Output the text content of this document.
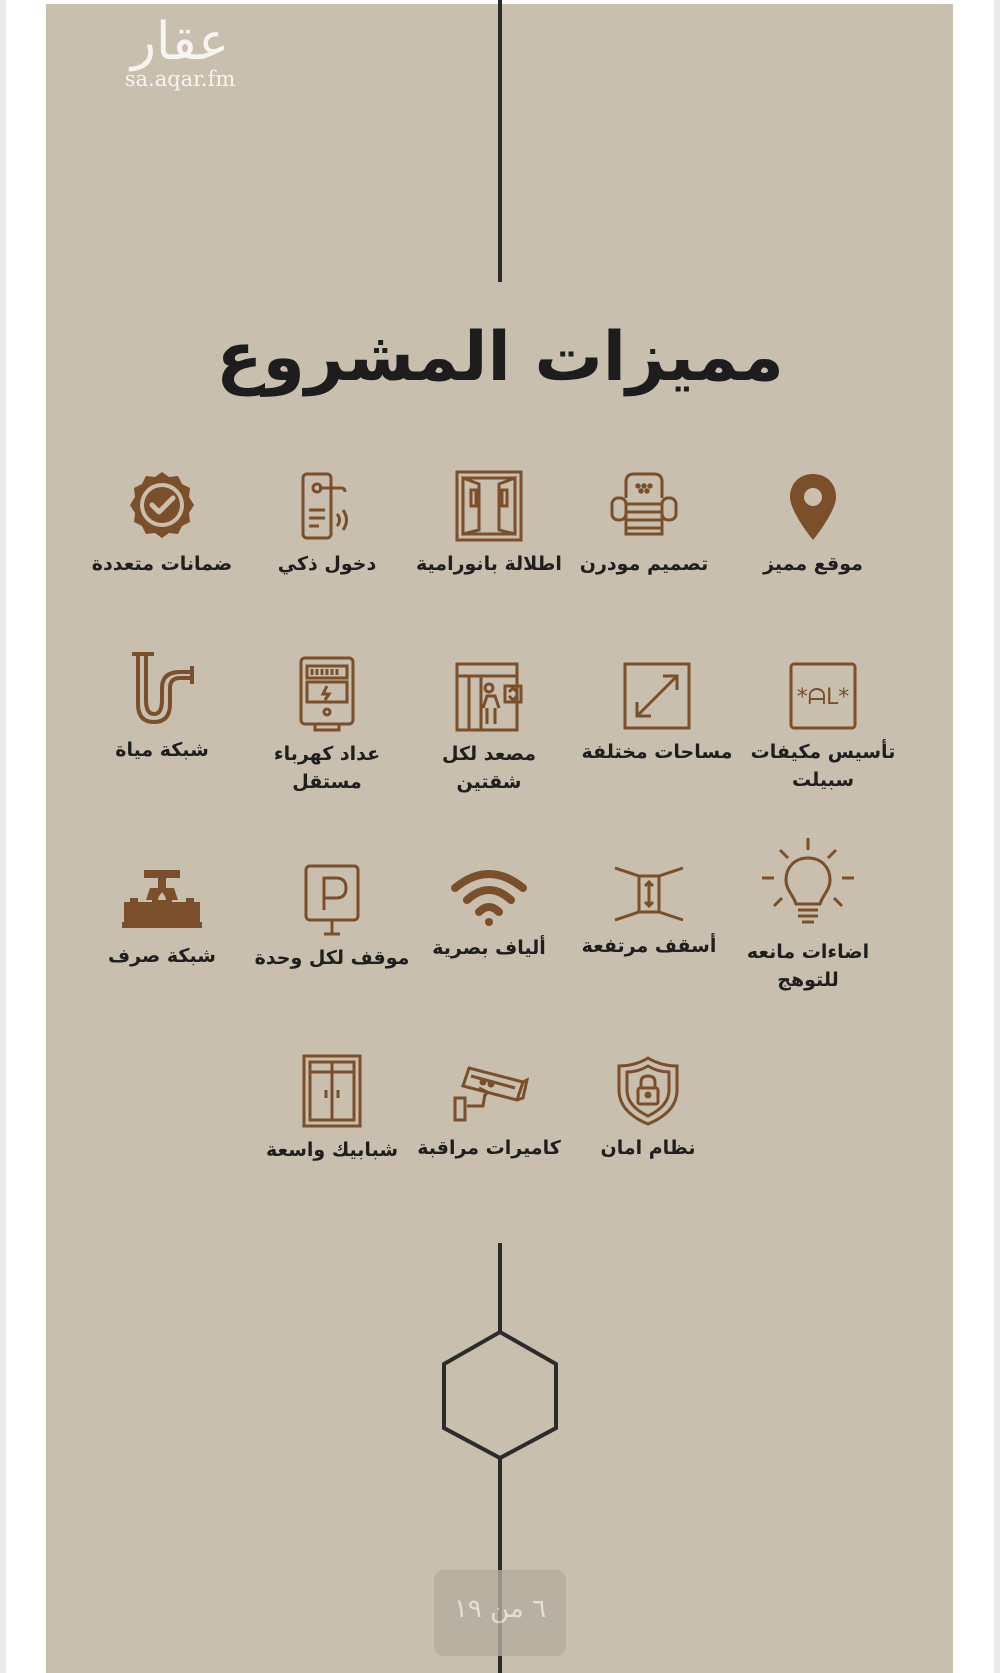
عقار
sa.aqar.fm
مميزات المشروع
موقع مميز
تصميم مودرن
اطلالة بانورامية
دخول ذكي
ضمانات متعددة
*ᗩL*
تأسيس مكيفات سبيلت
مساحات مختلفة
مصعد لكل شقتين
عداد كهرباء مستقل
شبكة مياة
اضاءات مانعه للتوهج
أسقف مرتفعة
ألياف بصرية
موقف لكل وحدة
شبكة صرف
نظام امان
كاميرات مراقبة
شبابيك واسعة
٦ من ١٩
